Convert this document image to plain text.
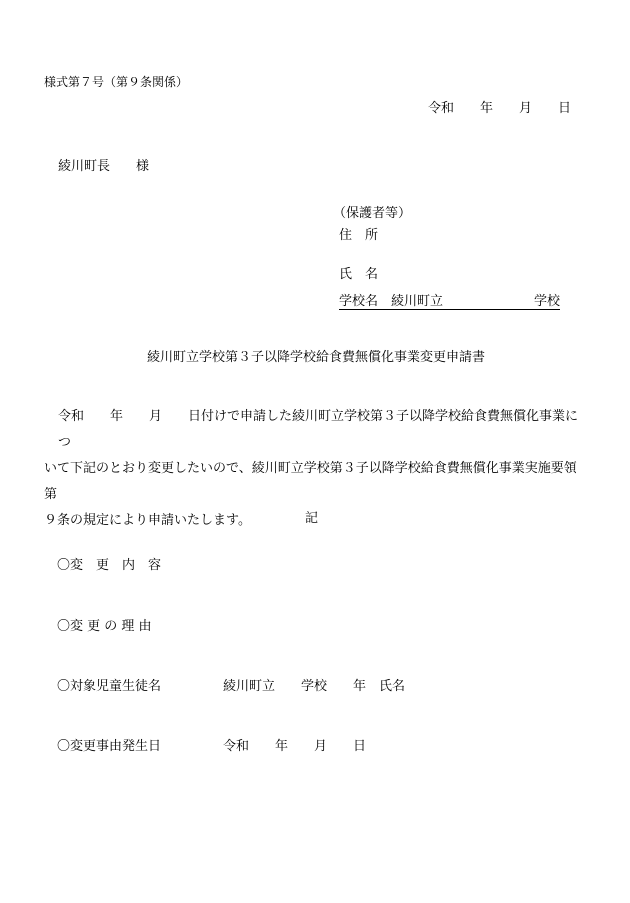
様式第７号（第９条関係）
令和　　年　　月　　日
綾川町長　　様
（保護者等）
住　所
氏　名
学校名　綾川町立　　　　　　　学校
綾川町立学校第３子以降学校給食費無償化事業変更申請書
令和　　年　　月　　日付けで申請した綾川町立学校第３子以降学校給食費無償化事業につ
いて下記のとおり変更したいので、綾川町立学校第３子以降学校給食費無償化事業実施要領第
９条の規定により申請いたします。	記
〇変　更　内　容
〇変 更 の 理 由
〇対象児童生徒名	綾川町立　　学校　　年　氏名
〇変更事由発生日	令和　　年　　月　　日
